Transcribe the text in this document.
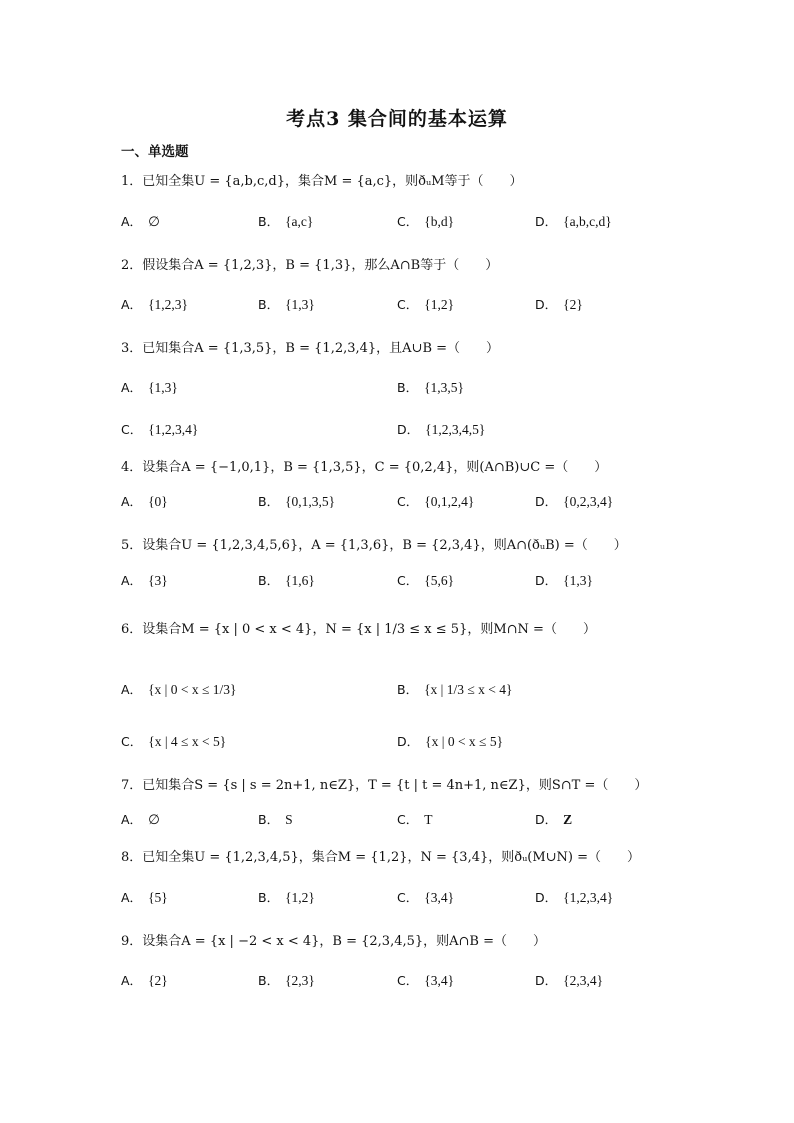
考点3 集合间的基本运算
一、单选题
1．已知全集U = {a,b,c,d}，集合M = {a,c}，则ðᵤM等于（　　）
A． ∅	B． {a,c}	C． {b,d}	D． {a,b,c,d}
2．假设集合A = {1,2,3}，B = {1,3}，那么A∩B等于（　　）
A． {1,2,3}	B． {1,3}	C． {1,2}	D． {2}
3．已知集合A = {1,3,5}，B = {1,2,3,4}，且A∪B =（　　）
A． {1,3}	B． {1,3,5}
C． {1,2,3,4}	D． {1,2,3,4,5}
4．设集合A = {−1,0,1}，B = {1,3,5}，C = {0,2,4}，则(A∩B)∪C =（　　）
A． {0}	B． {0,1,3,5}	C． {0,1,2,4}	D． {0,2,3,4}
5．设集合U = {1,2,3,4,5,6}，A = {1,3,6}，B = {2,3,4}，则A∩(ðᵤB) =（　　）
A． {3}	B． {1,6}	C． {5,6}	D． {1,3}
6．设集合M = {x | 0 < x < 4}，N = {x | 1/3 ≤ x ≤ 5}，则M∩N =（　　）
A． {x | 0 < x ≤ 1/3}	B． {x | 1/3 ≤ x < 4}
C． {x | 4 ≤ x < 5}	D． {x | 0 < x ≤ 5}
7．已知集合S = {s | s = 2n+1, n∈Z}，T = {t | t = 4n+1, n∈Z}，则S∩T =（　　）
A． ∅	B． S	C． T	D． Z
8．已知全集U = {1,2,3,4,5}，集合M = {1,2}，N = {3,4}，则ðᵤ(M∪N) =（　　）
A． {5}	B． {1,2}	C． {3,4}	D． {1,2,3,4}
9．设集合A = {x | −2 < x < 4}，B = {2,3,4,5}，则A∩B =（　　）
A． {2}	B． {2,3}	C． {3,4}	D． {2,3,4}
